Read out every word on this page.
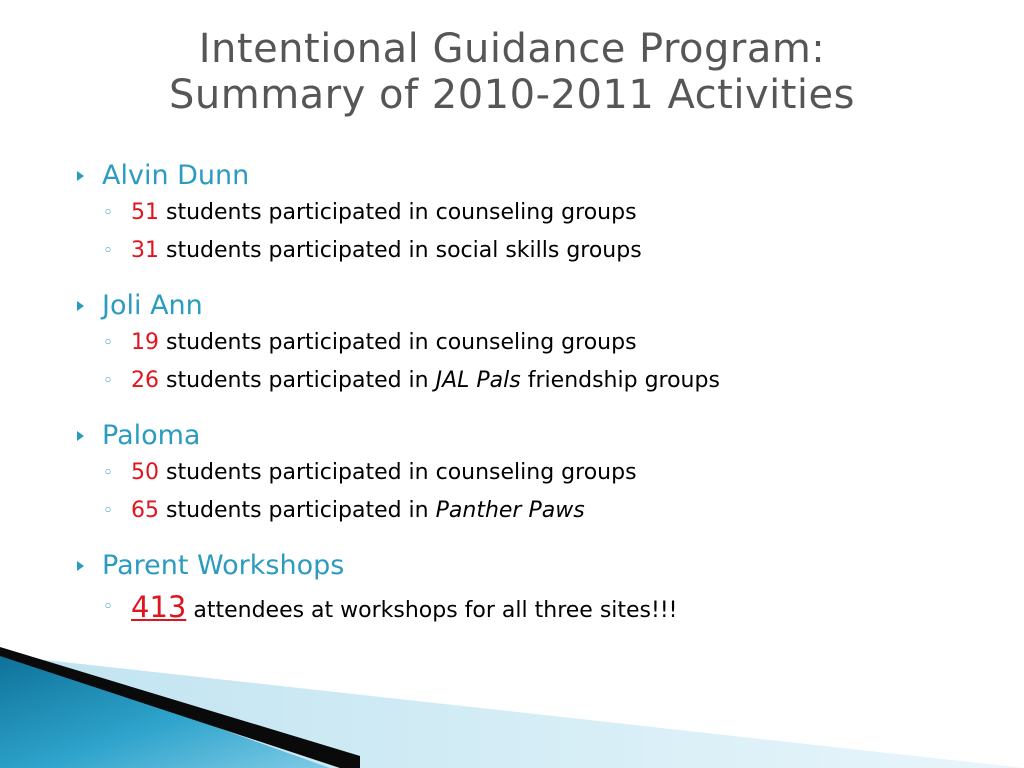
Intentional Guidance Program:
Summary of 2010-2011 Activities
Alvin Dunn
◦ 51 students participated in counseling groups
◦ 31 students participated in social skills groups
Joli Ann
◦ 19 students participated in counseling groups
◦ 26 students participated in JAL Pals friendship groups
Paloma
◦ 50 students participated in counseling groups
◦ 65 students participated in Panther Paws
Parent Workshops
◦ 413 attendees at workshops for all three sites!!!
